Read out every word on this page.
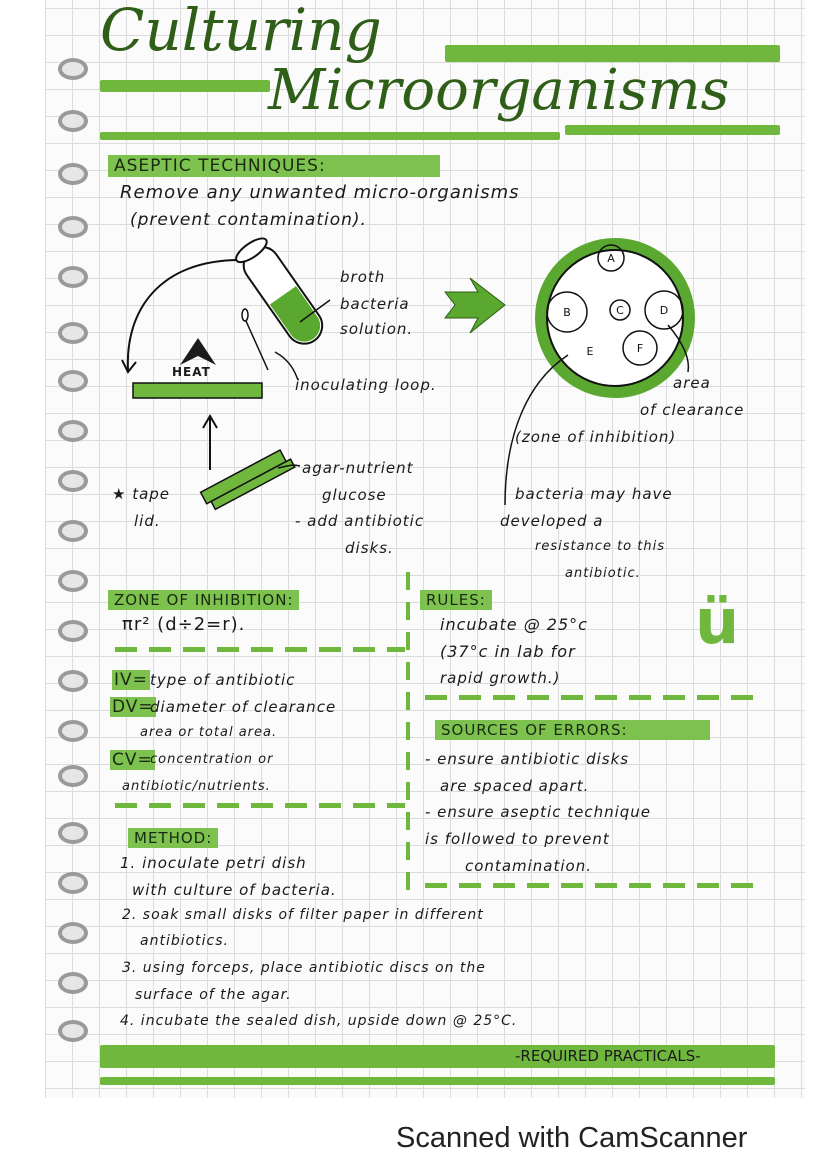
Culturing
Microorganisms
ASEPTIC TECHNIQUES:
Remove any unwanted micro-organisms
(prevent contamination).
A
B	C	D
E	F
broth
bacteria
solution.
HEAT
inoculating loop.	area
of clearance
(zone of inhibition)
agar-nutrient
glucose
- add antibiotic
disks.
★ tape
lid.
bacteria may have
developed a
resistance to this
antibiotic.
ZONE OF INHIBITION:
πr² (d÷2=r).
IV= type of antibiotic
DV=
diameter of clearance
area or total area.
CV=
concentration or
antibiotic/nutrients.
RULES:
incubate @ 25°c
(37°c in lab for
rapid growth.)
ü
SOURCES OF ERRORS:
- ensure antibiotic disks
are spaced apart.
- ensure aseptic technique
is followed to prevent
contamination.
METHOD:
1. inoculate petri dish
with culture of bacteria.
2. soak small disks of filter paper in different
antibiotics.
3. using forceps, place antibiotic discs on the
surface of the agar.
4. incubate the sealed dish, upside down @ 25°C.
-REQUIRED PRACTICALS-
Scanned with CamScanner
